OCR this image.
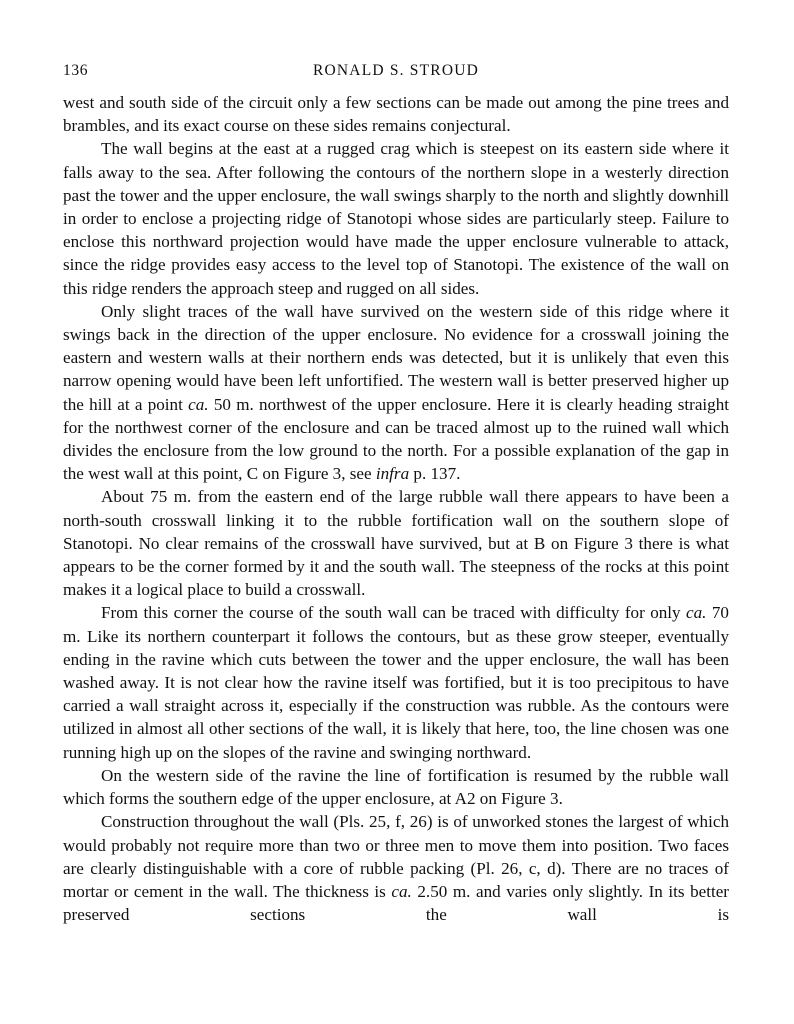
136	RONALD S. STROUD

west and south side of the circuit only a few sections can be made out among the pine trees and brambles, and its exact course on these sides remains conjectural.

The wall begins at the east at a rugged crag which is steepest on its eastern side where it falls away to the sea. After following the contours of the northern slope in a westerly direction past the tower and the upper enclosure, the wall swings sharply to the north and slightly downhill in order to enclose a projecting ridge of Stanotopi whose sides are particularly steep. Failure to enclose this northward projection would have made the upper enclosure vulnerable to attack, since the ridge provides easy access to the level top of Stanotopi. The existence of the wall on this ridge renders the approach steep and rugged on all sides.

Only slight traces of the wall have survived on the western side of this ridge where it swings back in the direction of the upper enclosure. No evidence for a crosswall joining the eastern and western walls at their northern ends was detected, but it is unlikely that even this narrow opening would have been left unfortified. The western wall is better preserved higher up the hill at a point ca. 50 m. northwest of the upper enclosure. Here it is clearly heading straight for the northwest corner of the enclosure and can be traced almost up to the ruined wall which divides the enclosure from the low ground to the north. For a possible explanation of the gap in the west wall at this point, C on Figure 3, see infra p. 137.

About 75 m. from the eastern end of the large rubble wall there appears to have been a north-south crosswall linking it to the rubble fortification wall on the southern slope of Stanotopi. No clear remains of the crosswall have survived, but at B on Figure 3 there is what appears to be the corner formed by it and the south wall. The steepness of the rocks at this point makes it a logical place to build a crosswall.

From this corner the course of the south wall can be traced with difficulty for only ca. 70 m. Like its northern counterpart it follows the contours, but as these grow steeper, eventually ending in the ravine which cuts between the tower and the upper enclosure, the wall has been washed away. It is not clear how the ravine itself was fortified, but it is too precipitous to have carried a wall straight across it, especially if the construction was rubble. As the contours were utilized in almost all other sections of the wall, it is likely that here, too, the line chosen was one running high up on the slopes of the ravine and swinging northward.

On the western side of the ravine the line of fortification is resumed by the rubble wall which forms the southern edge of the upper enclosure, at A2 on Figure 3.

Construction throughout the wall (Pls. 25, f, 26) is of unworked stones the largest of which would probably not require more than two or three men to move them into position. Two faces are clearly distinguishable with a core of rubble packing (Pl. 26, c, d). There are no traces of mortar or cement in the wall. The thickness is ca. 2.50 m. and varies only slightly. In its better preserved sections the wall is
